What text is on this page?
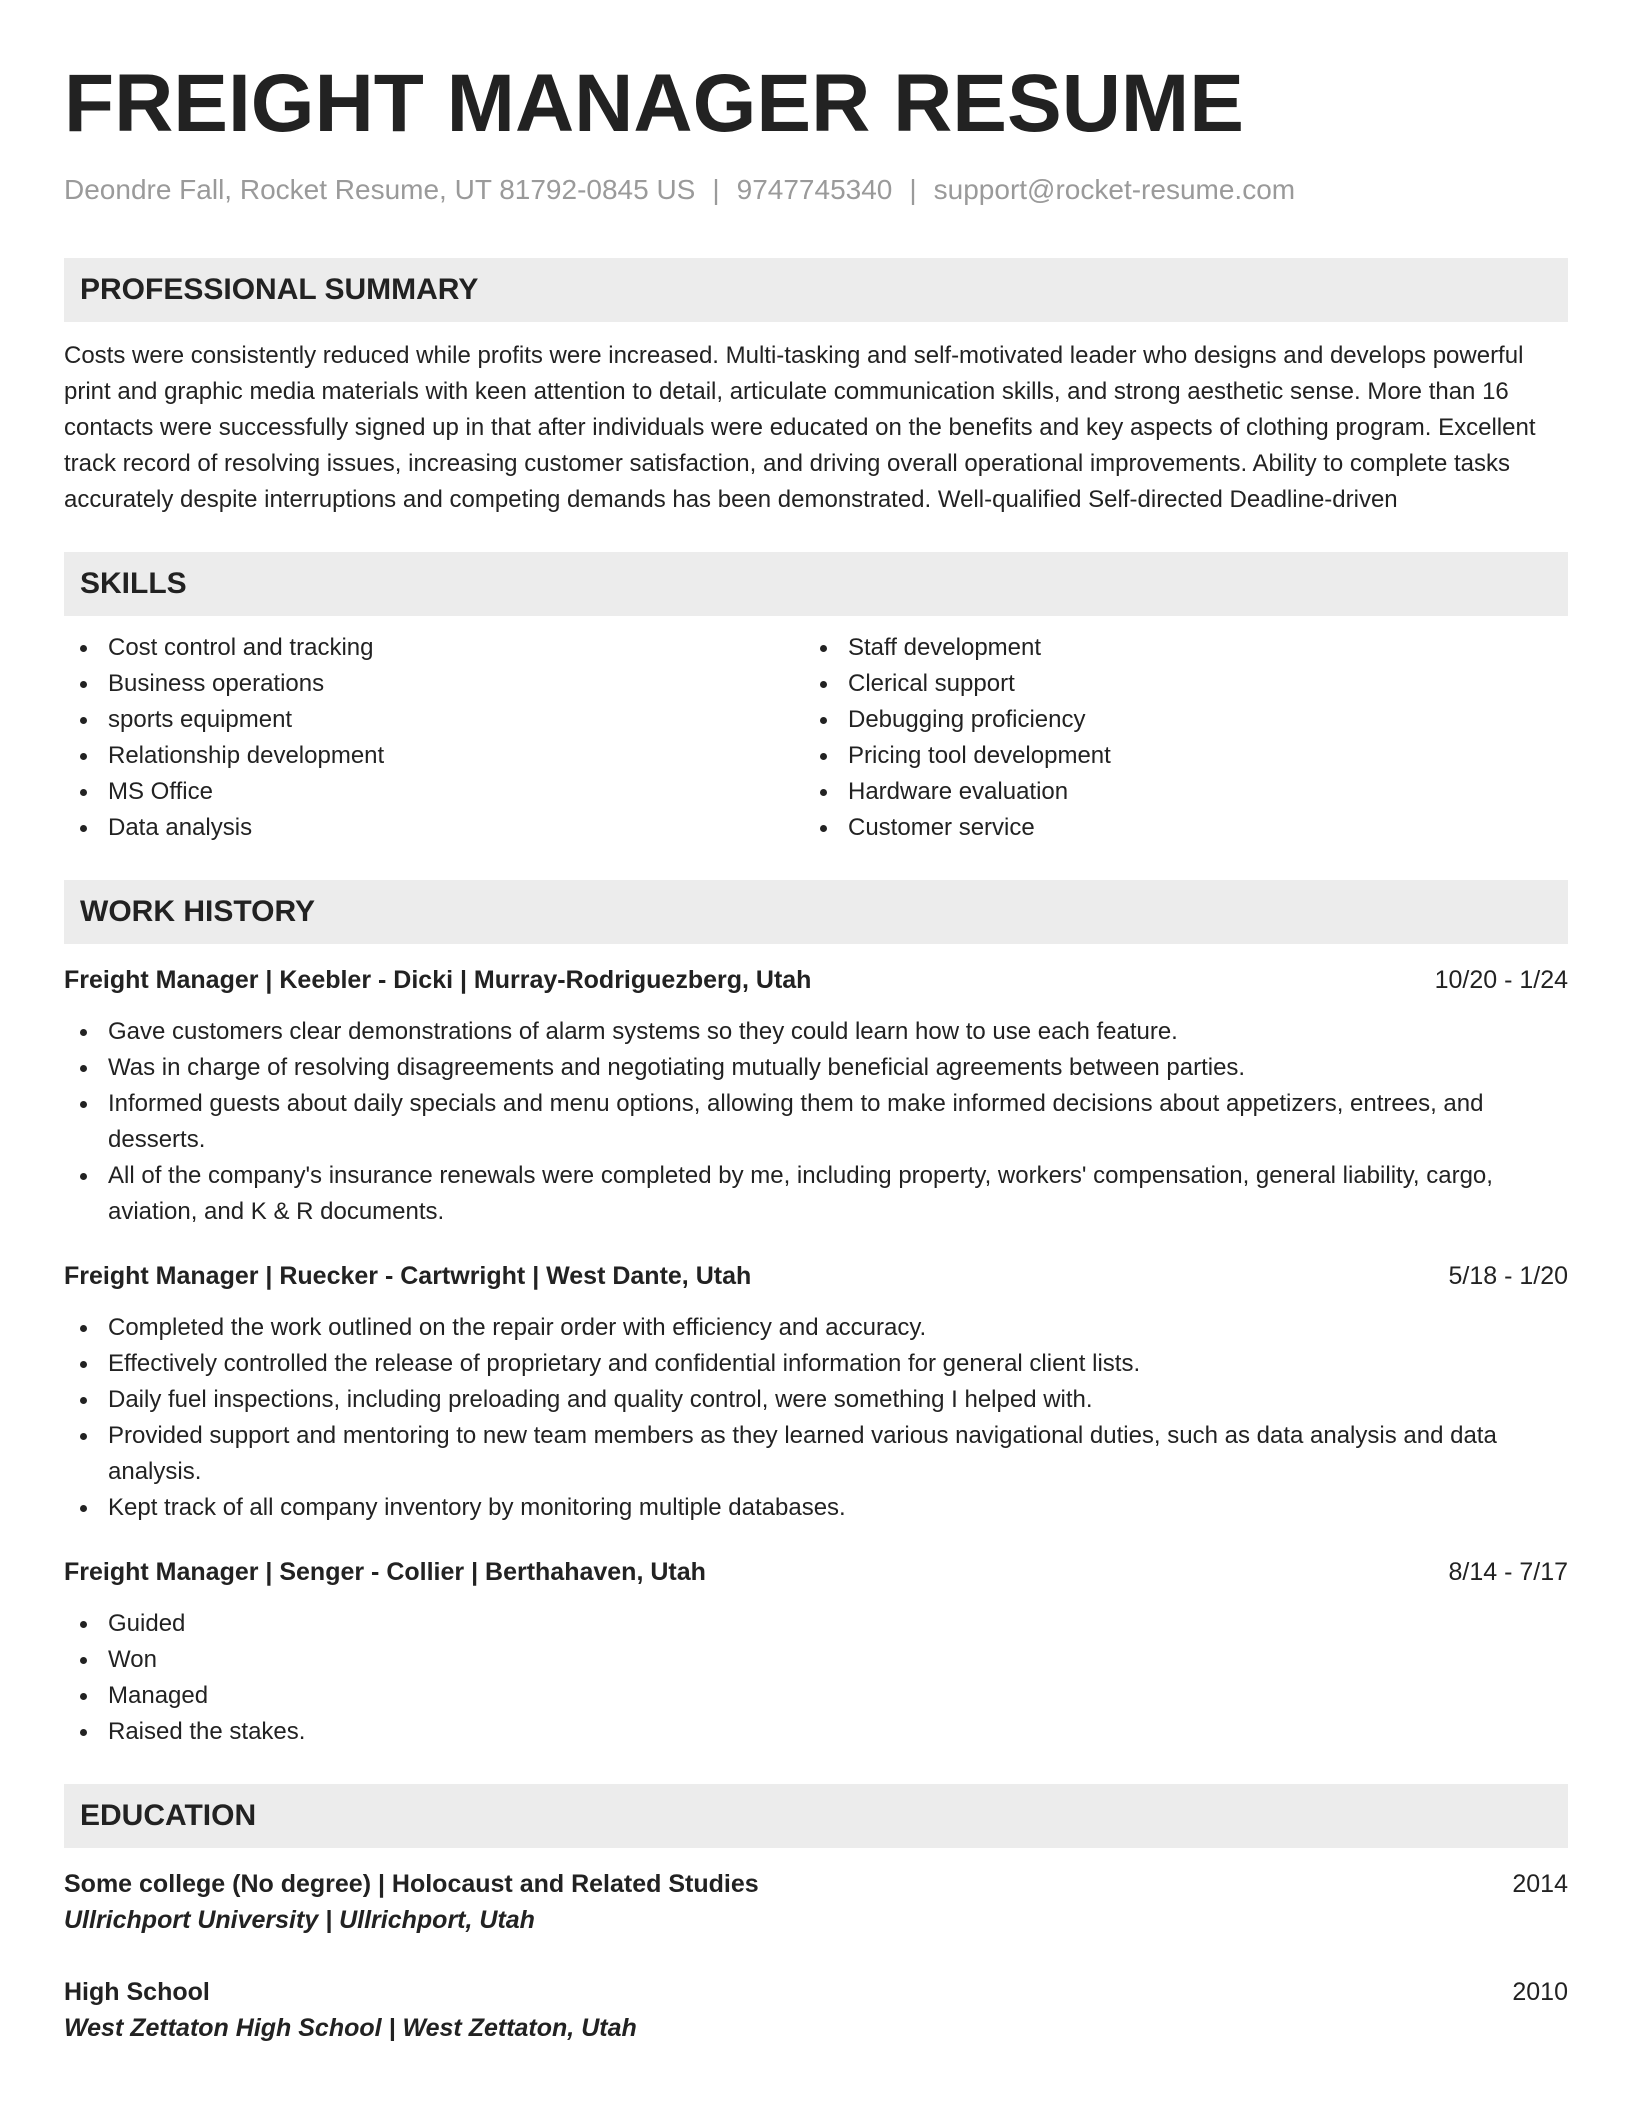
FREIGHT MANAGER RESUME
Deondre Fall, Rocket Resume, UT 81792-0845 US | 9747745340 | support@rocket-resume.com
PROFESSIONAL SUMMARY

Costs were consistently reduced while profits were increased. Multi-tasking and self-motivated leader who designs and develops powerful print and graphic media materials with keen attention to detail, articulate communication skills, and strong aesthetic sense. More than 16 contacts were successfully signed up in that after individuals were educated on the benefits and key aspects of clothing program. Excellent track record of resolving issues, increasing customer satisfaction, and driving overall operational improvements. Ability to complete tasks accurately despite interruptions and competing demands has been demonstrated. Well-qualified Self-directed Deadline-driven

SKILLS
Cost control and tracking
Business operations
sports equipment
Relationship development
MS Office
Data analysis
Staff development
Clerical support
Debugging proficiency
Pricing tool development
Hardware evaluation
Customer service
WORK HISTORY
Freight Manager | Keebler - Dicki | Murray-Rodriguezberg, Utah	10/20 - 1/24
Gave customers clear demonstrations of alarm systems so they could learn how to use each feature.
Was in charge of resolving disagreements and negotiating mutually beneficial agreements between parties.
Informed guests about daily specials and menu options, allowing them to make informed decisions about appetizers, entrees, and desserts.
All of the company's insurance renewals were completed by me, including property, workers' compensation, general liability, cargo, aviation, and K & R documents.
Freight Manager | Ruecker - Cartwright | West Dante, Utah	5/18 - 1/20
Completed the work outlined on the repair order with efficiency and accuracy.
Effectively controlled the release of proprietary and confidential information for general client lists.
Daily fuel inspections, including preloading and quality control, were something I helped with.
Provided support and mentoring to new team members as they learned various navigational duties, such as data analysis and data analysis.
Kept track of all company inventory by monitoring multiple databases.
Freight Manager | Senger - Collier | Berthahaven, Utah	8/14 - 7/17
Guided
Won
Managed
Raised the stakes.
EDUCATION
Some college (No degree) | Holocaust and Related Studies	2014
Ullrichport University | Ullrichport, Utah
High School	2010
West Zettaton High School | West Zettaton, Utah
